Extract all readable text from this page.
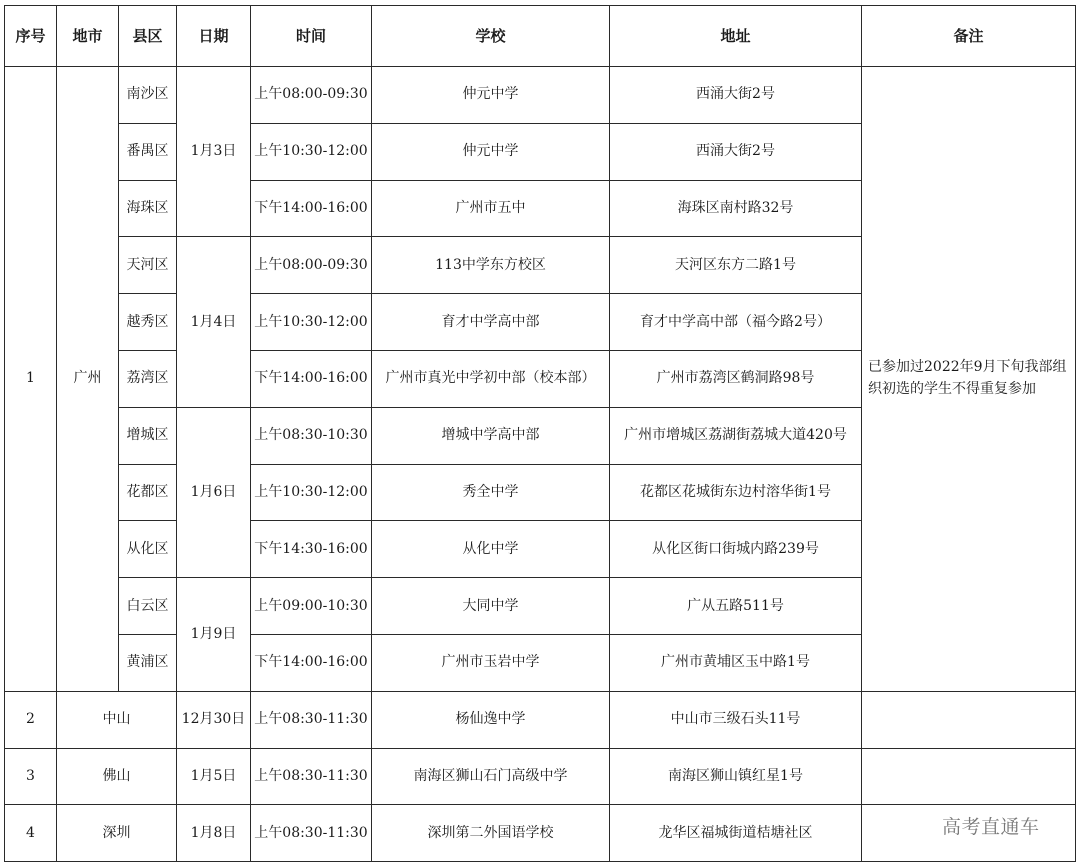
序号	地市	县区	日期	时间	学校	地址	备注
1	广州	南沙区	1月3日	上午08:00-09:30	仲元中学	西涌大街2号	已参加过2022年9月下旬我部组织初选的学生不得重复参加
		番禺区		上午10:30-12:00	仲元中学	西涌大街2号	
		海珠区		下午14:00-16:00	广州市五中	海珠区南村路32号	
		天河区	1月4日	上午08:00-09:30	113中学东方校区	天河区东方二路1号	
		越秀区		上午10:30-12:00	育才中学高中部	育才中学高中部（福今路2号）	
		荔湾区		下午14:00-16:00	广州市真光中学初中部（校本部）	广州市荔湾区鹤洞路98号	
		增城区	1月6日	上午08:30-10:30	增城中学高中部	广州市增城区荔湖街荔城大道420号	
		花都区		上午10:30-12:00	秀全中学	花都区花城街东边村溶华街1号	
		从化区		下午14:30-16:00	从化中学	从化区街口街城内路239号	
		白云区	1月9日	上午09:00-10:30	大同中学	广从五路511号	
		黄浦区		下午14:00-16:00	广州市玉岩中学	广州市黄埔区玉中路1号	
2	中山		12月30日	上午08:30-11:30	杨仙逸中学	中山市三级石头11号	
3	佛山		1月5日	上午08:30-11:30	南海区狮山石门高级中学	南海区狮山镇红星1号	
4	深圳		1月8日	上午08:30-11:30	深圳第二外国语学校	龙华区福城街道桔塘社区		高考直通车
